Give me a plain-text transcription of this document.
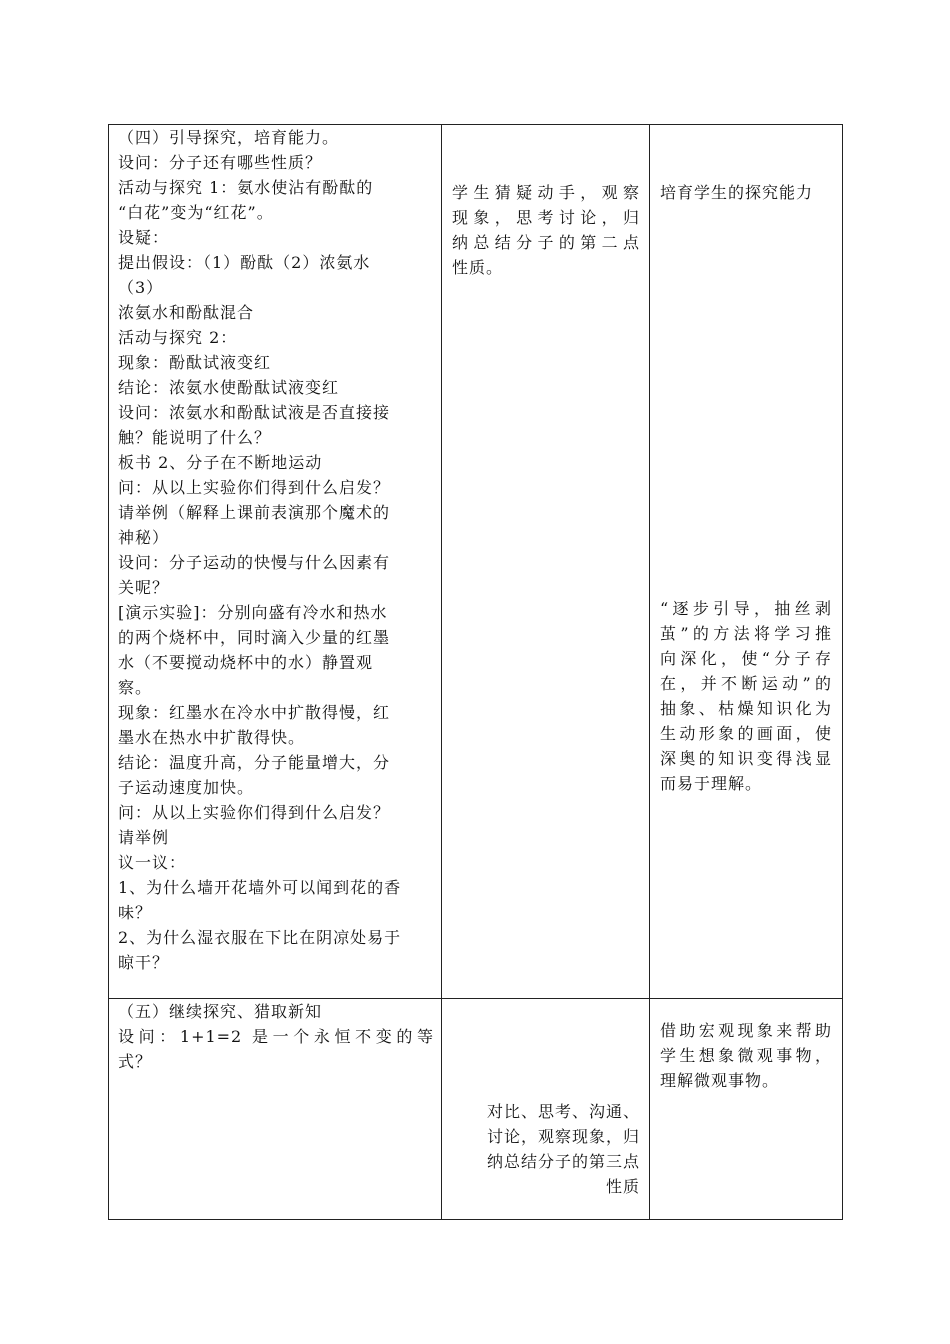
（四）引导探究，培育能力。
设问：分子还有哪些性质？
活动与探究 1：氨水使沾有酚酞的
“白花”变为“红花”。
设疑：
提出假设：（1）酚酞（2）浓氨水
（3）
浓氨水和酚酞混合
活动与探究 2：
现象：酚酞试液变红
结论：浓氨水使酚酞试液变红
设问：浓氨水和酚酞试液是否直接接
触？能说明了什么？
板书 2、分子在不断地运动
问：从以上实验你们得到什么启发？
请举例（解释上课前表演那个魔术的
神秘）
设问：分子运动的快慢与什么因素有
关呢？
[演示实验]：分别向盛有冷水和热水
的两个烧杯中，同时滴入少量的红墨
水（不要搅动烧杯中的水）静置观
察。
现象：红墨水在冷水中扩散得慢，红
墨水在热水中扩散得快。
结论：温度升高，分子能量增大，分
子运动速度加快。
问：从以上实验你们得到什么启发？
请举例
议一议：
1、为什么墙开花墙外可以闻到花的香
味？
2、为什么湿衣服在下比在阴凉处易于
晾干？
学生猜疑动手，观察
现象，思考讨论，归
纳总结分子的第二点
性质。
培育学生的探究能力
“逐步引导，抽丝剥
茧”的方法将学习推
向深化，使“分子存
在，并不断运动”的
抽象、枯燥知识化为
生动形象的画面，使
深奥的知识变得浅显
而易于理解。
（五）继续探究、猎取新知
设问：1+1=2 是一个永恒不变的等
式？
对比、思考、沟通、
讨论，观察现象，归
纳总结分子的第三点
性质
借助宏观现象来帮助
学生想象微观事物，
理解微观事物。
